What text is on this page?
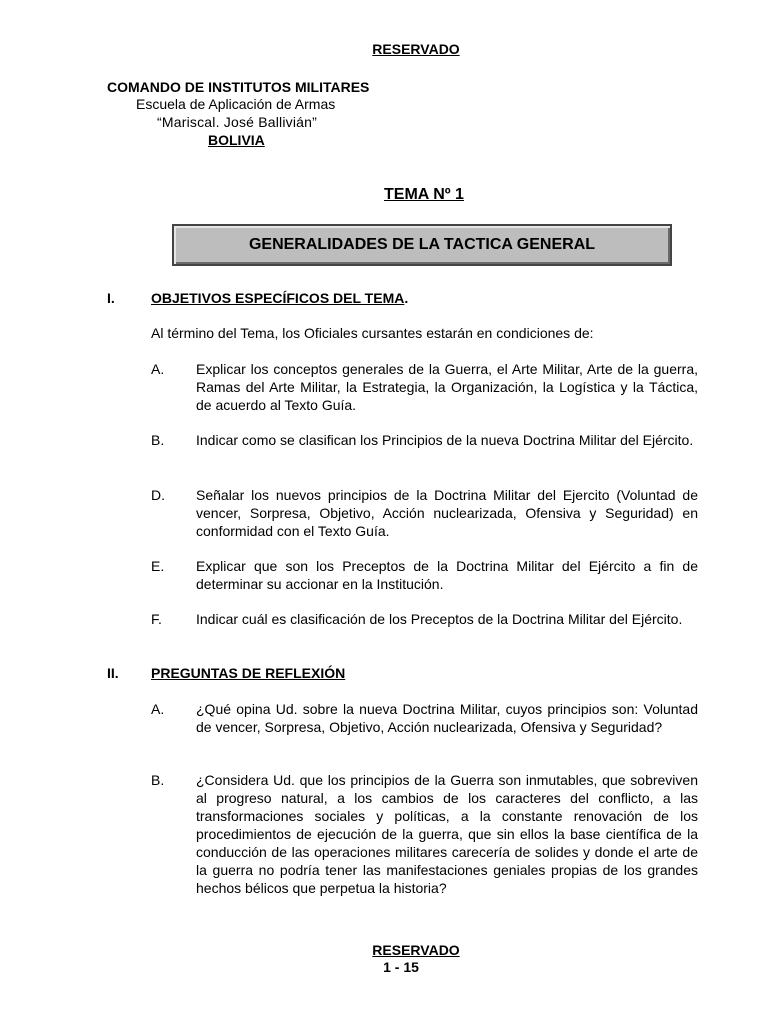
RESERVADO
COMANDO DE INSTITUTOS MILITARES
Escuela de Aplicación de Armas
“Mariscal. José Ballivián”
BOLIVIA
TEMA Nº 1
GENERALIDADES DE LA TACTICA GENERAL
I.	OBJETIVOS ESPECÍFICOS DEL TEMA.
Al término del Tema, los Oficiales cursantes estarán en condiciones de:
A. Explicar los conceptos generales de la Guerra, el Arte Militar, Arte de la guerra, Ramas del Arte Militar, la Estrategia, la Organización, la Logística y la Táctica, de acuerdo al Texto Guía.
B. Indicar como se clasifican los Principios de la nueva Doctrina Militar del Ejército.
D. Señalar los nuevos principios de la Doctrina Militar del Ejercito (Voluntad de vencer, Sorpresa, Objetivo, Acción nuclearizada, Ofensiva y Seguridad) en conformidad con el Texto Guía.
E. Explicar que son los Preceptos de la Doctrina Militar del Ejército a fin de determinar su accionar en la Institución.
F. Indicar cuál es clasificación de los Preceptos de la Doctrina Militar del Ejército.
II. PREGUNTAS DE REFLEXIÓN
A. ¿Qué opina Ud. sobre la nueva Doctrina Militar, cuyos principios son: Voluntad de vencer, Sorpresa, Objetivo, Acción nuclearizada, Ofensiva y Seguridad?
B. ¿Considera Ud. que los principios de la Guerra son inmutables, que sobreviven al progreso natural, a los cambios de los caracteres del conflicto, a las transformaciones sociales y políticas, a la constante renovación de los procedimientos de ejecución de la guerra, que sin ellos la base científica de la conducción de las operaciones militares carecería de solides y donde el arte de la guerra no podría tener las manifestaciones geniales propias de los grandes hechos bélicos que perpetua la historia?
RESERVADO
1 - 15
